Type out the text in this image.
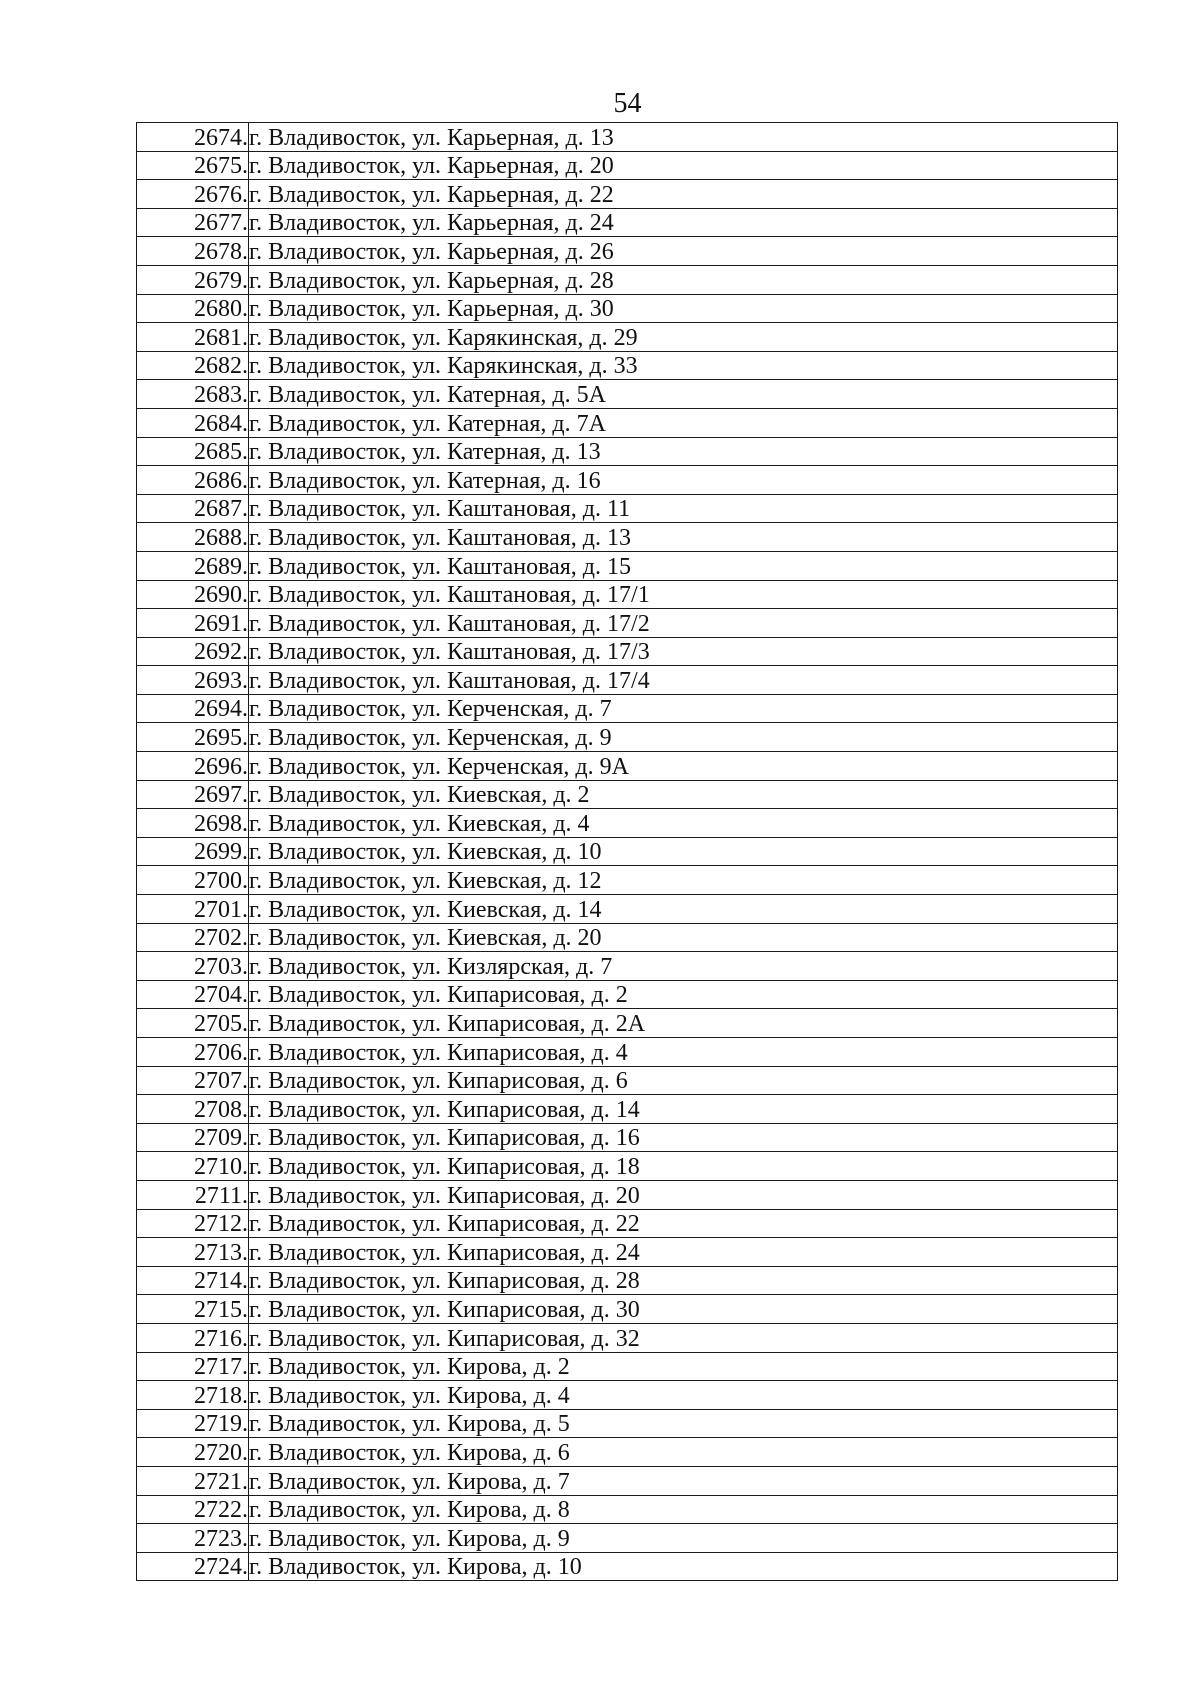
54
2674.	г. Владивосток, ул. Карьерная, д. 13
2675.	г. Владивосток, ул. Карьерная, д. 20
2676.	г. Владивосток, ул. Карьерная, д. 22
2677.	г. Владивосток, ул. Карьерная, д. 24
2678.	г. Владивосток, ул. Карьерная, д. 26
2679.	г. Владивосток, ул. Карьерная, д. 28
2680.	г. Владивосток, ул. Карьерная, д. 30
2681.	г. Владивосток, ул. Карякинская, д. 29
2682.	г. Владивосток, ул. Карякинская, д. 33
2683.	г. Владивосток, ул. Катерная, д. 5А
2684.	г. Владивосток, ул. Катерная, д. 7А
2685.	г. Владивосток, ул. Катерная, д. 13
2686.	г. Владивосток, ул. Катерная, д. 16
2687.	г. Владивосток, ул. Каштановая, д. 11
2688.	г. Владивосток, ул. Каштановая, д. 13
2689.	г. Владивосток, ул. Каштановая, д. 15
2690.	г. Владивосток, ул. Каштановая, д. 17/1
2691.	г. Владивосток, ул. Каштановая, д. 17/2
2692.	г. Владивосток, ул. Каштановая, д. 17/3
2693.	г. Владивосток, ул. Каштановая, д. 17/4
2694.	г. Владивосток, ул. Керченская, д. 7
2695.	г. Владивосток, ул. Керченская, д. 9
2696.	г. Владивосток, ул. Керченская, д. 9А
2697.	г. Владивосток, ул. Киевская, д. 2
2698.	г. Владивосток, ул. Киевская, д. 4
2699.	г. Владивосток, ул. Киевская, д. 10
2700.	г. Владивосток, ул. Киевская, д. 12
2701.	г. Владивосток, ул. Киевская, д. 14
2702.	г. Владивосток, ул. Киевская, д. 20
2703.	г. Владивосток, ул. Кизлярская, д. 7
2704.	г. Владивосток, ул. Кипарисовая, д. 2
2705.	г. Владивосток, ул. Кипарисовая, д. 2А
2706.	г. Владивосток, ул. Кипарисовая, д. 4
2707.	г. Владивосток, ул. Кипарисовая, д. 6
2708.	г. Владивосток, ул. Кипарисовая, д. 14
2709.	г. Владивосток, ул. Кипарисовая, д. 16
2710.	г. Владивосток, ул. Кипарисовая, д. 18
2711.	г. Владивосток, ул. Кипарисовая, д. 20
2712.	г. Владивосток, ул. Кипарисовая, д. 22
2713.	г. Владивосток, ул. Кипарисовая, д. 24
2714.	г. Владивосток, ул. Кипарисовая, д. 28
2715.	г. Владивосток, ул. Кипарисовая, д. 30
2716.	г. Владивосток, ул. Кипарисовая, д. 32
2717.	г. Владивосток, ул. Кирова, д. 2
2718.	г. Владивосток, ул. Кирова, д. 4
2719.	г. Владивосток, ул. Кирова, д. 5
2720.	г. Владивосток, ул. Кирова, д. 6
2721.	г. Владивосток, ул. Кирова, д. 7
2722.	г. Владивосток, ул. Кирова, д. 8
2723.	г. Владивосток, ул. Кирова, д. 9
2724.	г. Владивосток, ул. Кирова, д. 10
